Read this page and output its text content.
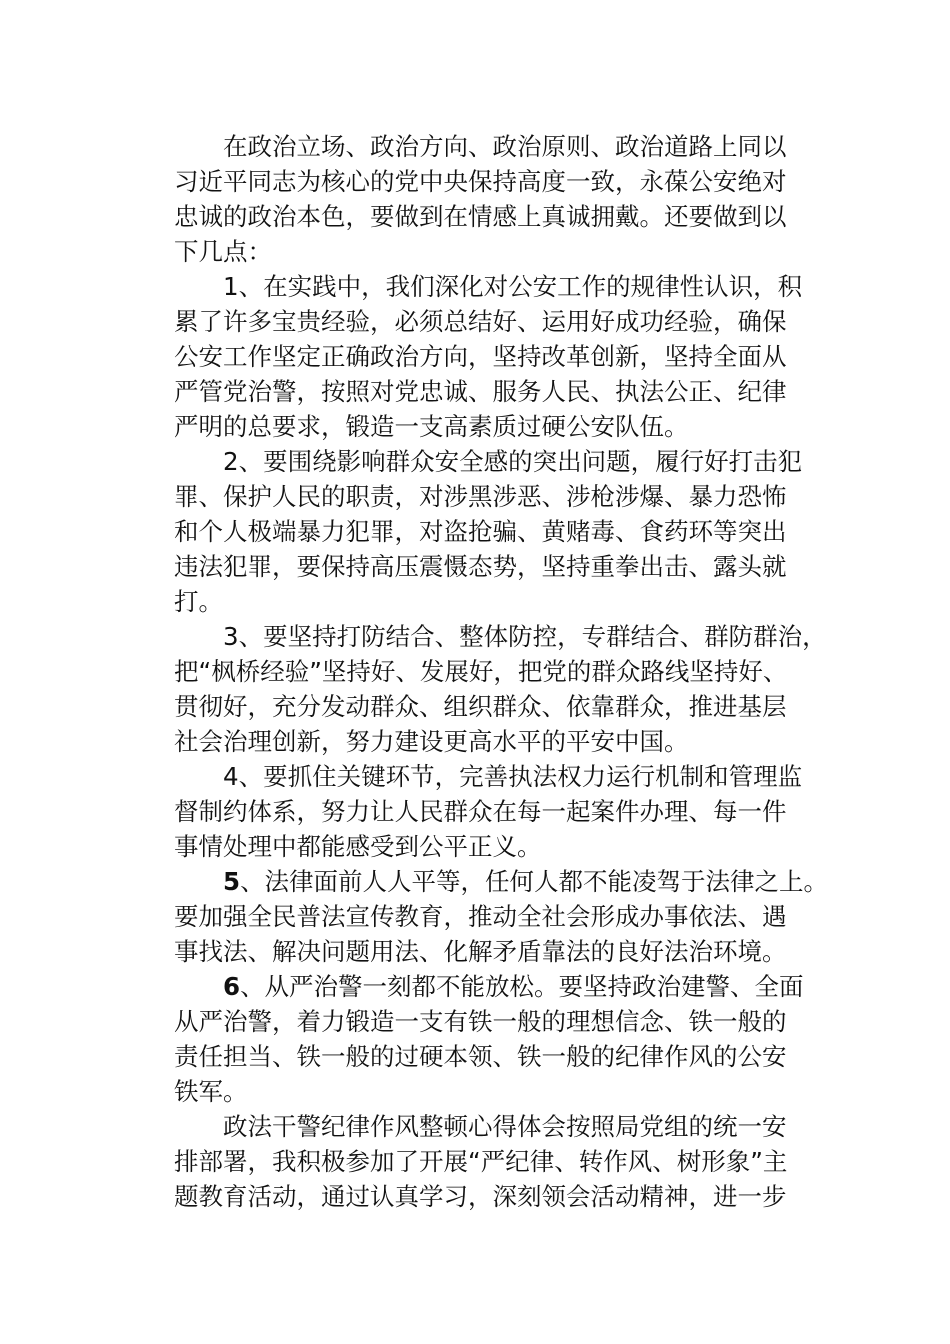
在政治立场、政治方向、政治原则、政治道路上同以
习近平同志为核心的党中央保持高度一致，永葆公安绝对
忠诚的政治本色，要做到在情感上真诚拥戴。还要做到以
下几点：
1、在实践中，我们深化对公安工作的规律性认识，积
累了许多宝贵经验，必须总结好、运用好成功经验，确保
公安工作坚定正确政治方向，坚持改革创新，坚持全面从
严管党治警，按照对党忠诚、服务人民、执法公正、纪律
严明的总要求，锻造一支高素质过硬公安队伍。
2、要围绕影响群众安全感的突出问题，履行好打击犯
罪、保护人民的职责，对涉黑涉恶、涉枪涉爆、暴力恐怖
和个人极端暴力犯罪，对盗抢骗、黄赌毒、食药环等突出
违法犯罪，要保持高压震慑态势，坚持重拳出击、露头就
打。
3、要坚持打防结合、整体防控，专群结合、群防群治，
把“枫桥经验”坚持好、发展好，把党的群众路线坚持好、
贯彻好，充分发动群众、组织群众、依靠群众，推进基层
社会治理创新，努力建设更高水平的平安中国。
4、要抓住关键环节，完善执法权力运行机制和管理监
督制约体系，努力让人民群众在每一起案件办理、每一件
事情处理中都能感受到公平正义。
5、法律面前人人平等，任何人都不能凌驾于法律之上。
要加强全民普法宣传教育，推动全社会形成办事依法、遇
事找法、解决问题用法、化解矛盾靠法的良好法治环境。
6、从严治警一刻都不能放松。要坚持政治建警、全面
从严治警，着力锻造一支有铁一般的理想信念、铁一般的
责任担当、铁一般的过硬本领、铁一般的纪律作风的公安
铁军。
政法干警纪律作风整顿心得体会按照局党组的统一安
排部署，我积极参加了开展“严纪律、转作风、树形象”主
题教育活动，通过认真学习，深刻领会活动精神，进一步
